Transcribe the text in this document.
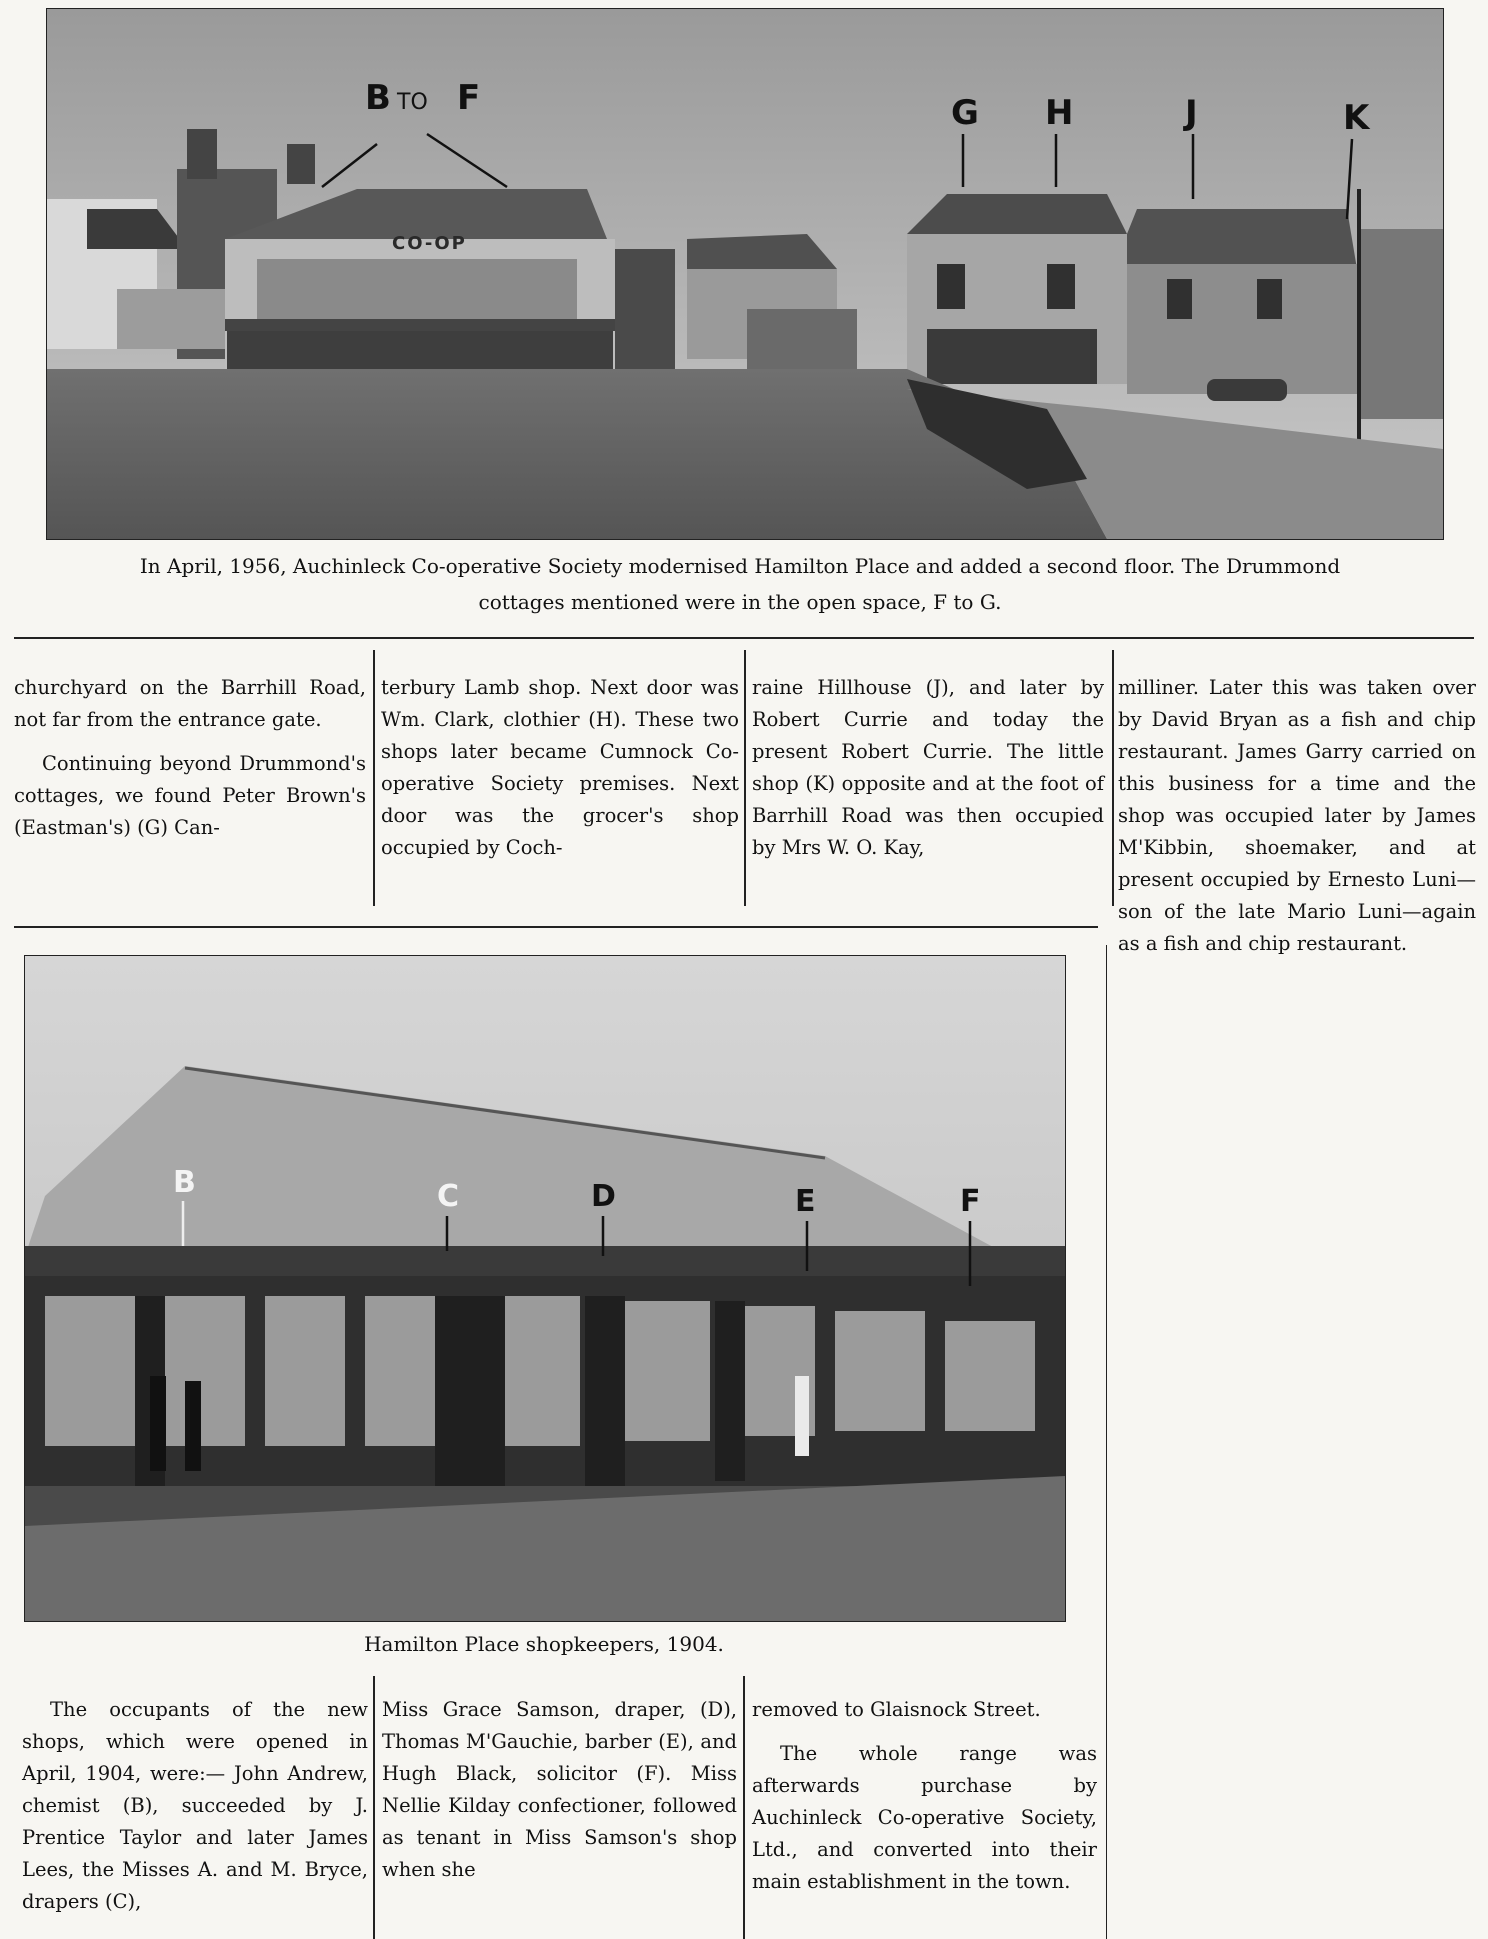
CO-OP
B TO F	G H	J	K
In April, 1956, Auchinleck Co-operative Society modernised Hamilton Place and added a second floor. The Drummond
cottages mentioned were in the open space, F to G.

churchyard on the Barrhill Road, not far from the entrance gate.

Continuing beyond Drummond's cottages, we found Peter Brown's (Eastman's) (G) Can-

terbury Lamb shop. Next door was Wm. Clark, clothier (H). These two shops later became Cumnock Co-operative Society premises. Next door was the grocer's shop occupied by Coch-

raine Hillhouse (J), and later by Robert Currie and today the present Robert Currie. The little shop (K) opposite and at the foot of Barrhill Road was then occupied by Mrs W. O. Kay,

milliner. Later this was taken over by David Bryan as a fish and chip restaurant. James Garry carried on this business for a time and the shop was occupied later by James M'Kibbin, shoemaker, and at present occupied by Ernesto Luni—son of the late Mario Luni—again as a fish and chip restaurant.

B	C	D	E	F
Hamilton Place shopkeepers, 1904.

The occupants of the new shops, which were opened in April, 1904, were:— John Andrew, chemist (B), succeeded by J. Prentice Taylor and later James Lees, the Misses A. and M. Bryce, drapers (C),

Miss Grace Samson, draper, (D), Thomas M'Gauchie, barber (E), and Hugh Black, solicitor (F). Miss Nellie Kilday confectioner, followed as tenant in Miss Samson's shop when she

removed to Glaisnock Street.

The whole range was afterwards purchase by Auchinleck Co-operative Society, Ltd., and converted into their main establishment in the town.
